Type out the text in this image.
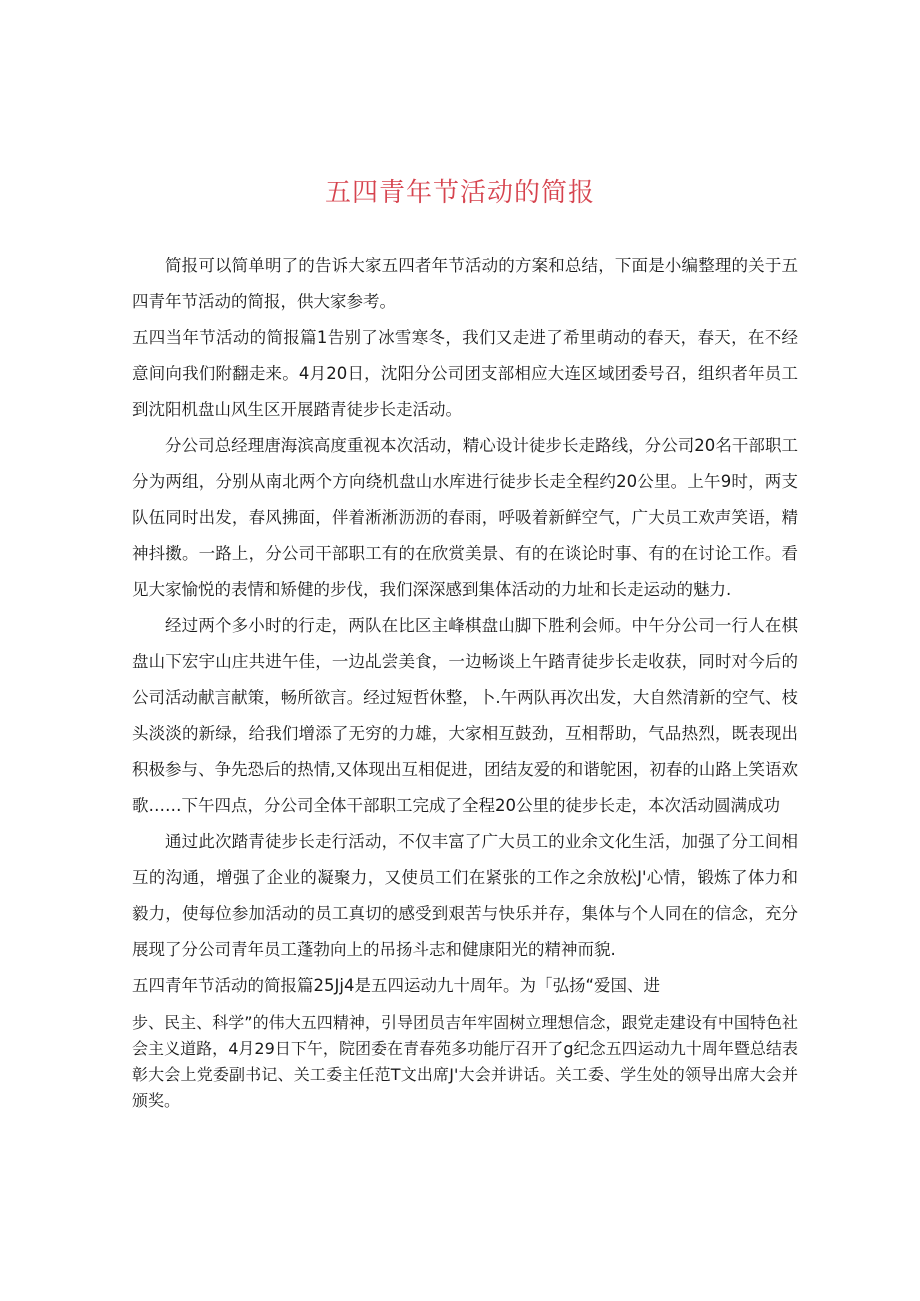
五四青年节活动的简报

简报可以简单明了的告诉大家五四者年节活动的方案和总结，下面是小编整理的关于五四青年节活动的简报，供大家参考。

五四当年节活动的简报篇1告别了冰雪寒冬，我们又走进了希里萌动的春天，春天，在不经意间向我们附翻走来。4月20日，沈阳分公司团支部相应大连区域团委号召，组织者年员工到沈阳机盘山风生区开展踏青徒步长走活动。

分公司总经理唐海滨高度重视本次活动，精心设计徒步长走路线，分公司20名干部职工分为两组，分别从南北两个方向绕机盘山水库进行徒步长走全程约20公里。上午9时，两支队伍同时出发，春风拂面，伴着淅淅沥沥的春雨，呼吸着新鲜空气，广大员工欢声笑语，精神抖擞。一路上，分公司干部职工有的在欣赏美景、有的在谈论时事、有的在讨论工作。看见大家愉悦的表情和矫健的步伐，我们深深感到集体活动的力址和长走运动的魅力.

经过两个多小时的行走，两队在比区主峰棋盘山脚下胜利会师。中午分公司一行人在棋盘山下宏宇山庄共进午佳，一边乩尝美食，一边畅谈上午踏青徒步长走收获，同时对今后的公司活动献言献策，畅所欲言。经过短哲休整，卜.午两队再次出发，大自然清新的空气、枝头淡淡的新绿，给我们增添了无穷的力雄，大家相互鼓劲，互相帮助，气品热烈，既表现出积极参与、争先恐后的热情,又体现出互相促进，团结友爱的和谐鸵困，初春的山路上笑语欢歌……下午四点，分公司全体干部职工完成了全程20公里的徒步长走，本次活动圆满成功

通过此次踏青徒步长走行活动，不仅丰富了广大员工的业余文化生活，加强了分工间相互的沟通，增强了企业的凝聚力，又使员工们在紧张的工作之余放松J'心情，锻炼了体力和毅力，使每位参加活动的员工真切的感受到艰苦与快乐并存，集体与个人同在的信念，充分展现了分公司青年员工蓬勃向上的吊扬斗志和健康阳光的精神而貌.

五四青年节活动的简报篇25Jj4是五四运动九十周年。为「弘扬“爱国、进

步、民主、科学”的伟大五四精神，引导团员吉年牢固树立理想信念，跟党走建设有中国特色社会主义道路，4月29日下午，院团委在青春苑多功能厅召开了g纪念五四运动九十周年暨总结表彰大会上党委副书记、关工委主任范T文出席J'大会并讲话。关工委、学生处的领导出席大会并颁奖。
